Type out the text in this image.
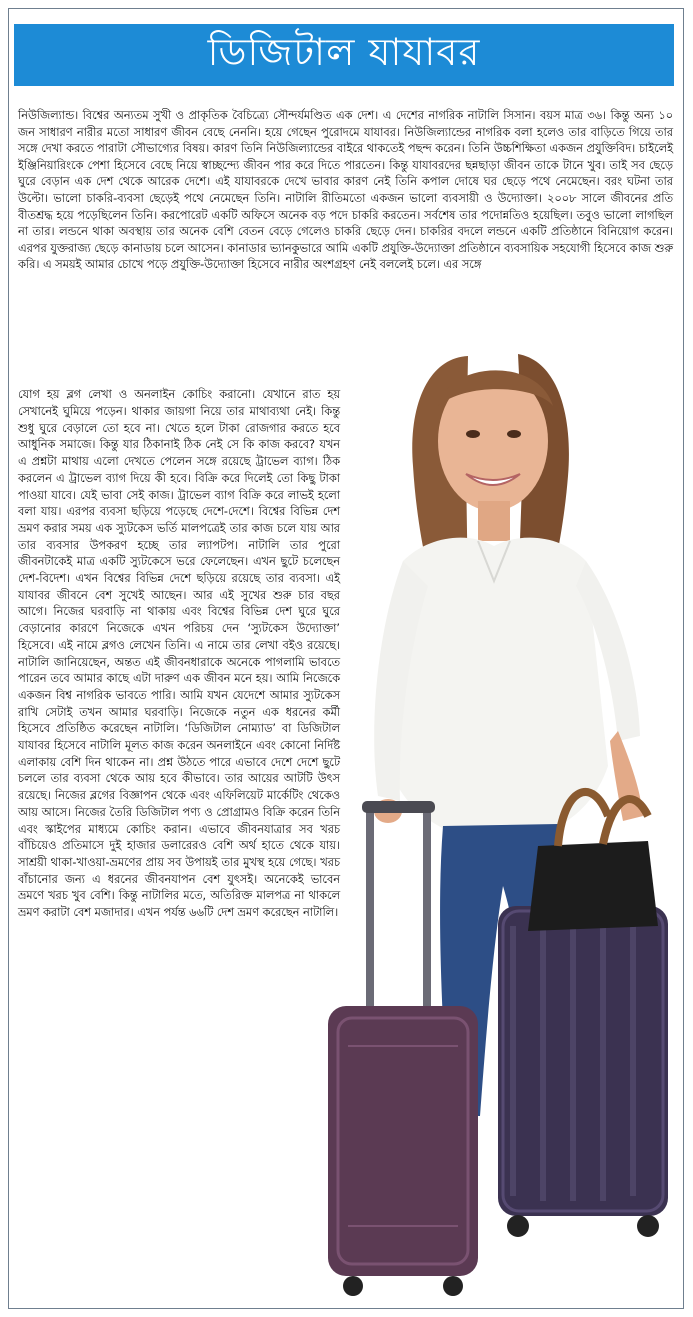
ডিজিটাল যাযাবর

নিউজিল্যান্ড। বিশ্বের অন্যতম সুখী ও প্রাকৃতিক বৈচিত্র্যে সৌন্দর্যমণ্ডিত এক দেশ। এ দেশের নাগরিক নাটালি সিসান। বয়স মাত্র ৩৬। কিন্তু অন্য ১০ জন সাধারণ নারীর মতো সাধারণ জীবন বেছে নেননি। হয়ে গেছেন পুরোদমে যাযাবর। নিউজিল্যান্ডের নাগরিক বলা হলেও তার বাড়িতে গিয়ে তার সঙ্গে দেখা করতে পারাটা সৌভাগ্যের বিষয়। কারণ তিনি নিউজিল্যান্ডের বাইরে থাকতেই পছন্দ করেন। তিনি উচ্চশিক্ষিতা একজন প্রযুক্তিবিদ। চাইলেই ইঞ্জিনিয়ারিংকে পেশা হিসেবে বেছে নিয়ে স্বাচ্ছন্দ্যে জীবন পার করে দিতে পারতেন। কিন্তু যাযাবরদের ছন্নছাড়া জীবন তাকে টানে খুব। তাই সব ছেড়ে ঘুরে বেড়ান এক দেশ থেকে আরেক দেশে। এই যাযাবরকে দেখে ভাবার কারণ নেই তিনি কপাল দোষে ঘর ছেড়ে পথে নেমেছেন। বরং ঘটনা তার উল্টো। ভালো চাকরি-ব্যবসা ছেড়েই পথে নেমেছেন তিনি। নাটালি রীতিমতো একজন ভালো ব্যবসায়ী ও উদ্যোক্তা। ২০০৮ সালে জীবনের প্রতি বীতশ্রদ্ধ হয়ে পড়েছিলেন তিনি। করপোরেট একটি অফিসে অনেক বড় পদে চাকরি করতেন। সর্বশেষ তার পদোন্নতিও হয়েছিল। তবুও ভালো লাগছিল না তার। লন্ডনে থাকা অবস্থায় তার অনেক বেশি বেতন বেড়ে গেলেও চাকরি ছেড়ে দেন। চাকরির বদলে লন্ডনে একটি প্রতিষ্ঠানে বিনিয়োগ করেন। এরপর যুক্তরাজ্য ছেড়ে কানাডায় চলে আসেন। কানাডার ভ্যানকুভারে আমি একটি প্রযুক্তি-উদ্যোক্তা প্রতিষ্ঠানে ব্যবসায়িক সহযোগী হিসেবে কাজ শুরু করি। এ সময়ই আমার চোখে পড়ে প্রযুক্তি-উদ্যোক্তা হিসেবে নারীর অংশগ্রহণ নেই বললেই চলে। এর সঙ্গে

যোগ হয় ব্লগ লেখা ও অনলাইন কোচিং করানো। যেখানে রাত হয় সেখানেই ঘুমিয়ে পড়েন। থাকার জায়গা নিয়ে তার মাথাব্যথা নেই। কিন্তু শুধু ঘুরে বেড়ালে তো হবে না। খেতে হলে টাকা রোজগার করতে হবে আধুনিক সমাজে। কিন্তু যার ঠিকানাই ঠিক নেই সে কি কাজ করবে? যখন এ প্রশ্নটা মাথায় এলো দেখতে পেলেন সঙ্গে রয়েছে ট্রাভেল ব্যাগ। ঠিক করলেন এ ট্রাভেল ব্যাগ দিয়ে কী হবে। বিক্রি করে দিলেই তো কিছু টাকা পাওয়া যাবে। যেই ভাবা সেই কাজ। ট্রাভেল ব্যাগ বিক্রি করে লাভই হলো বলা যায়। এরপর ব্যবসা ছড়িয়ে পড়েছে দেশে-দেশে। বিশ্বের বিভিন্ন দেশ ভ্রমণ করার সময় এক স্যুটকেস ভর্তি মালপত্রেই তার কাজ চলে যায় আর তার ব্যবসার উপকরণ হচ্ছে তার ল্যাপটপ। নাটালি তার পুরো জীবনটাকেই মাত্র একটি স্যুটকেসে ভরে ফেলেছেন। এখন ছুটে চলেছেন দেশ-বিদেশ। এখন বিশ্বের বিভিন্ন দেশে ছড়িয়ে রয়েছে তার ব্যবসা। এই যাযাবর জীবনে বেশ সুখেই আছেন। আর এই সুখের শুরু চার বছর আগে। নিজের ঘরবাড়ি না থাকায় এবং বিশ্বের বিভিন্ন দেশ ঘুরে ঘুরে বেড়ানোর কারণে নিজেকে এখন পরিচয় দেন ‘স্যুটকেস উদ্যোক্তা’ হিসেবে। এই নামে ব্লগও লেখেন তিনি। এ নামে তার লেখা বইও রয়েছে। নাটালি জানিয়েছেন, অন্তত এই জীবনধারাকে অনেকে পাগলামি ভাবতে পারেন তবে আমার কাছে এটা দারুণ এক জীবন মনে হয়। আমি নিজেকে একজন বিশ্ব নাগরিক ভাবতে পারি। আমি যখন যেদেশে আমার স্যুটকেস রাখি সেটাই তখন আমার ঘরবাড়ি। নিজেকে নতুন এক ধরনের কর্মী হিসেবে প্রতিষ্ঠিত করেছেন নাটালি। ‘ডিজিটাল নোম্যাড’ বা ডিজিটাল যাযাবর হিসেবে নাটালি মূলত কাজ করেন অনলাইনে এবং কোনো নির্দিষ্ট এলাকায় বেশি দিন থাকেন না। প্রশ্ন উঠতে পারে এভাবে দেশে দেশে ছুটে চললে তার ব্যবসা থেকে আয় হবে কীভাবে। তার আয়ের আটটি উৎস রয়েছে। নিজের ব্লগের বিজ্ঞাপন থেকে এবং এফিলিয়েট মার্কেটিং থেকেও আয় আসে। নিজের তৈরি ডিজিটাল পণ্য ও প্রোগ্রামও বিক্রি করেন তিনি এবং স্কাইপের মাধ্যমে কোচিং করান। এভাবে জীবনযাত্রার সব খরচ বাঁচিয়েও প্রতিমাসে দুই হাজার ডলারেরও বেশি অর্থ হাতে থেকে যায়। সাশ্রয়ী থাকা-খাওয়া-ভ্রমণের প্রায় সব উপায়ই তার মুখস্থ হয়ে গেছে। খরচ বাঁচানোর জন্য এ ধরনের জীবনযাপন বেশ যুৎসই। অনেকেই ভাবেন ভ্রমণে খরচ খুব বেশি। কিন্তু নাটালির মতে, অতিরিক্ত মালপত্র না থাকলে ভ্রমণ করাটা বেশ মজাদার। এখন পর্যন্ত ৬৬টি দেশ ভ্রমণ করেছেন নাটালি।
